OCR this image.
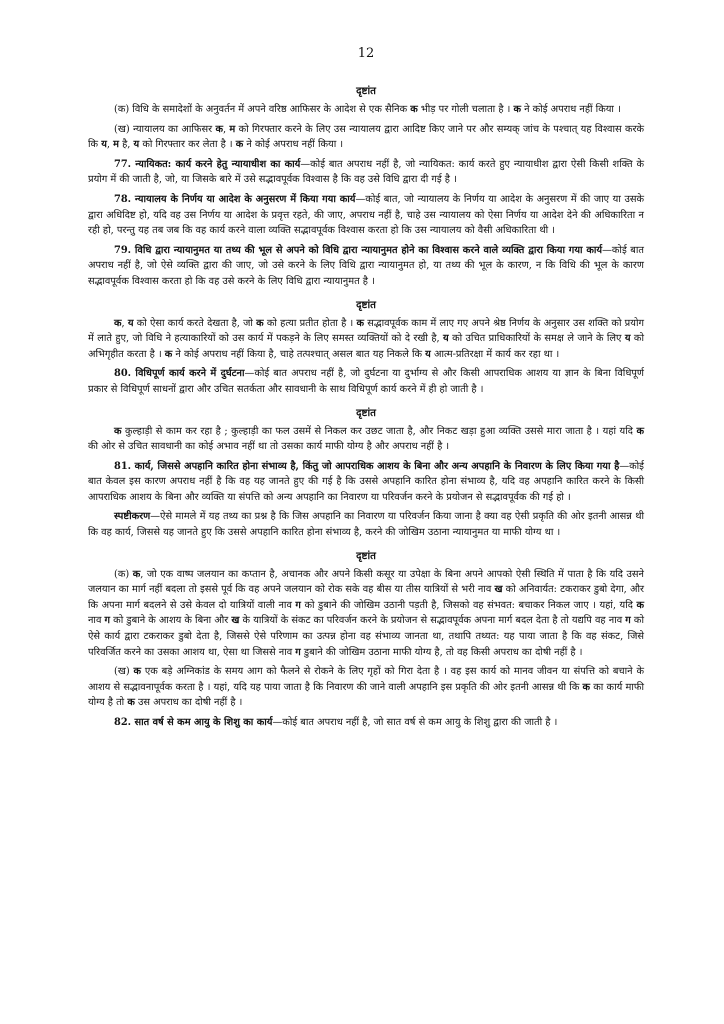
12
दृष्टांत

(क) विधि के समादेशों के अनुवर्तन में अपने वरिष्ठ आफिसर के आदेश से एक सैनिक क भीड़ पर गोली चलाता है । क ने कोई अपराध नहीं किया ।

(ख) न्यायालय का आफिसर क, म को गिरफ्तार करने के लिए उस न्यायालय द्वारा आदिष्ट किए जाने पर और सम्यक् जांच के पश्चात् यह विश्वास करके कि य, म है, य को गिरफ्तार कर लेता है । क ने कोई अपराध नहीं किया ।

77. न्यायिकत: कार्य करने हेतु न्यायाधीश का कार्य—कोई बात अपराध नहीं है, जो न्यायिकत: कार्य करते हुए न्यायाधीश द्वारा ऐसी किसी शक्ति के प्रयोग में की जाती है, जो, या जिसके बारे में उसे सद्भावपूर्वक विश्वास है कि वह उसे विधि द्वारा दी गई है ।

78. न्यायालय के निर्णय या आदेश के अनुसरण में किया गया कार्य—कोई बात, जो न्यायालय के निर्णय या आदेश के अनुसरण में की जाए या उसके द्वारा अधिदिष्ट हो, यदि वह उस निर्णय या आदेश के प्रवृत्त रहते, की जाए, अपराध नहीं है, चाहे उस न्यायालय को ऐसा निर्णय या आदेश देने की अधिकारिता न रही हो, परन्तु यह तब जब कि वह कार्य करने वाला व्यक्ति सद्भावपूर्वक विश्वास करता हो कि उस न्यायालय को वैसी अधिकारिता थी ।

79. विधि द्वारा न्यायानुमत या तथ्य की भूल से अपने को विधि द्वारा न्यायानुमत होने का विश्वास करने वाले व्यक्ति द्वारा किया गया कार्य—कोई बात अपराध नहीं है, जो ऐसे व्यक्ति द्वारा की जाए, जो उसे करने के लिए विधि द्वारा न्यायानुमत हो, या तथ्य की भूल के कारण, न कि विधि की भूल के कारण सद्भावपूर्वक विश्वास करता हो कि वह उसे करने के लिए विधि द्वारा न्यायानुमत है ।

दृष्टांत

क, य को ऐसा कार्य करते देखता है, जो क को हत्या प्रतीत होता है । क सद्भावपूर्वक काम में लाए गए अपने श्रेष्ठ निर्णय के अनुसार उस शक्ति को प्रयोग में लाते हुए, जो विधि ने हत्याकारियों को उस कार्य में पकड़ने के लिए समस्त व्यक्तियों को दे रखी है, य को उचित प्राधिकारियों के समक्ष ले जाने के लिए य को अभिगृहीत करता है । क ने कोई अपराध नहीं किया है, चाहे तत्पश्चात् असल बात यह निकले कि य आत्म-प्रतिरक्षा में कार्य कर रहा था ।

80. विधिपूर्ण कार्य करने में दुर्घटना—कोई बात अपराध नहीं है, जो दुर्घटना या दुर्भाग्य से और किसी आपराधिक आशय या ज्ञान के बिना विधिपूर्ण प्रकार से विधिपूर्ण साधनों द्वारा और उचित सतर्कता और सावधानी के साथ विधिपूर्ण कार्य करने में ही हो जाती है ।

दृष्टांत

क कुल्हाड़ी से काम कर रहा है ; कुल्हाड़ी का फल उसमें से निकल कर उछट जाता है, और निकट खड़ा हुआ व्यक्ति उससे मारा जाता है । यहां यदि क की ओर से उचित सावधानी का कोई अभाव नहीं था तो उसका कार्य माफी योग्य है और अपराध नहीं है ।

81. कार्य, जिससे अपहानि कारित होना संभाव्य है, किंतु जो आपराधिक आशय के बिना और अन्य अपहानि के निवारण के लिए किया गया है—कोई बात केवल इस कारण अपराध नहीं है कि वह यह जानते हुए की गई है कि उससे अपहानि कारित होना संभाव्य है, यदि वह अपहानि कारित करने के किसी आपराधिक आशय के बिना और व्यक्ति या संपत्ति को अन्य अपहानि का निवारण या परिवर्जन करने के प्रयोजन से सद्भावपूर्वक की गई हो ।

स्पष्टीकरण—ऐसे मामले में यह तथ्य का प्रश्न है कि जिस अपहानि का निवारण या परिवर्जन किया जाना है क्या वह ऐसी प्रकृति की ओर इतनी आसन्न थी कि वह कार्य, जिससे यह जानते हुए कि उससे अपहानि कारित होना संभाव्य है, करने की जोखिम उठाना न्यायानुमत या माफी योग्य था ।

दृष्टांत

(क) क, जो एक वाष्प जलयान का कप्तान है, अचानक और अपने किसी कसूर या उपेक्षा के बिना अपने आपको ऐसी स्थिति में पाता है कि यदि उसने जलयान का मार्ग नहीं बदला तो इससे पूर्व कि वह अपने जलयान को रोक सके वह बीस या तीस यात्रियों से भरी नाव ख को अनिवार्यत: टकराकर डुबो देगा, और कि अपना मार्ग बदलने से उसे केवल दो यात्रियों वाली नाव ग को डुबाने की जोखिम उठानी पड़ती है, जिसको वह संभवत: बचाकर निकल जाए । यहां, यदि क नाव ग को डुबाने के आशय के बिना और ख के यात्रियों के संकट का परिवर्जन करने के प्रयोजन से सद्भावपूर्वक अपना मार्ग बदल देता है तो यद्यपि वह नाव ग को ऐसे कार्य द्वारा टकराकर डुबो देता है, जिससे ऐसे परिणाम का उत्पन्न होना वह संभाव्य जानता था, तथापि तथ्यत: यह पाया जाता है कि वह संकट, जिसे परिवर्जित करने का उसका आशय था, ऐसा था जिससे नाव ग डुबाने की जोखिम उठाना माफी योग्य है, तो वह किसी अपराध का दोषी नहीं है ।

(ख) क एक बड़े अग्निकांड के समय आग को फैलने से रोकने के लिए गृहों को गिरा देता है । वह इस कार्य को मानव जीवन या संपत्ति को बचाने के आशय से सद्भावनापूर्वक करता है । यहां, यदि यह पाया जाता है कि निवारण की जाने वाली अपहानि इस प्रकृति की ओर इतनी आसन्न थी कि क का कार्य माफी योग्य है तो क उस अपराध का दोषी नहीं है ।

82. सात वर्ष से कम आयु के शिशु का कार्य—कोई बात अपराध नहीं है, जो सात वर्ष से कम आयु के शिशु द्वारा की जाती है ।
